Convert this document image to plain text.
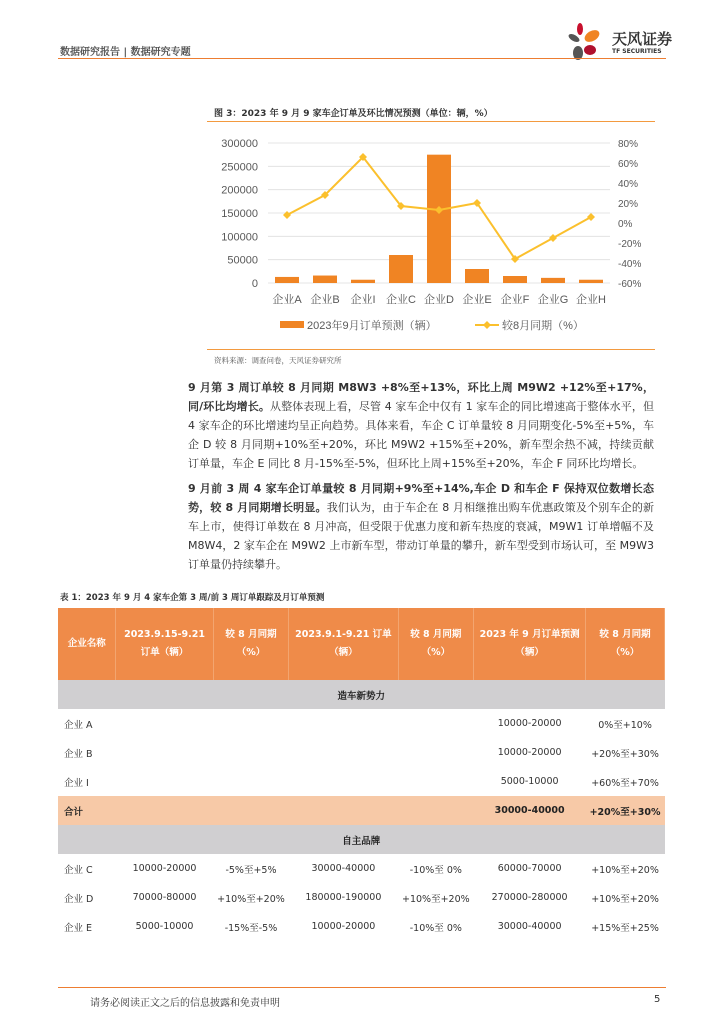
数据研究报告 | 数据研究专题
天风证券
TF SECURITIES
图 3：2023 年 9 月 9 家车企订单及环比情况预测（单位：辆，%）
0
50000
100000
150000
200000
250000
300000
-60%
-40%
-20%
0%
20%
40%
60%
80%
企业A 企业B 企业I 企业C 企业D 企业E 企业F 企业G 企业H
2023年9月订单预测（辆）	较8月同期（%）
资料来源：调查问卷，天风证券研究所
9 月第 3 周订单较 8 月同期 M8W3 +8%至+13%，环比上周 M9W2 +12%至+17%，同/环比均增长。从整体表现上看，尽管 4 家车企中仅有 1 家车企的同比增速高于整体水平，但 4 家车企的环比增速均呈正向趋势。具体来看，车企 C 订单量较 8 月同期变化-5%至+5%，车企 D 较 8 月同期+10%至+20%，环比 M9W2 +15%至+20%，新车型余热不减，持续贡献订单量，车企 E 同比 8 月-15%至-5%，但环比上周+15%至+20%，车企 F 同环比均增长。
9 月前 3 周 4 家车企订单量较 8 月同期+9%至+14%,车企 D 和车企 F 保持双位数增长态势，较 8 月同期增长明显。我们认为，由于车企在 8 月相继推出购车优惠政策及个别车企的新车上市，使得订单数在 8 月冲高，但受限于优惠力度和新车热度的衰减，M9W1 订单增幅不及 M8W4，2 家车企在 M9W2 上市新车型，带动订单量的攀升，新车型受到市场认可，至 M9W3 订单量仍持续攀升。
表 1：2023 年 9 月 4 家车企第 3 周/前 3 周订单跟踪及月订单预测
企业名称	2023.9.15-9.21 订单（辆）	较 8 月同期（%）	2023.9.1-9.21 订单（辆）	较 8 月同期（%）	2023 年 9 月订单预测（辆）	较 8 月同期（%）
造车新势力						
企业 A					10000-20000	0%至+10%
企业 B					10000-20000	+20%至+30%
企业 I					5000-10000	+60%至+70%
合计					30000-40000	+20%至+30%
自主品牌						
企业 C	10000-20000	-5%至+5%	30000-40000	-10%至 0%	60000-70000	+10%至+20%
企业 D	70000-80000	+10%至+20%	180000-190000	+10%至+20%	270000-280000	+10%至+20%
企业 E	5000-10000	-15%至-5%	10000-20000	-10%至 0%	30000-40000	+15%至+25%
请务必阅读正文之后的信息披露和免责申明	5
